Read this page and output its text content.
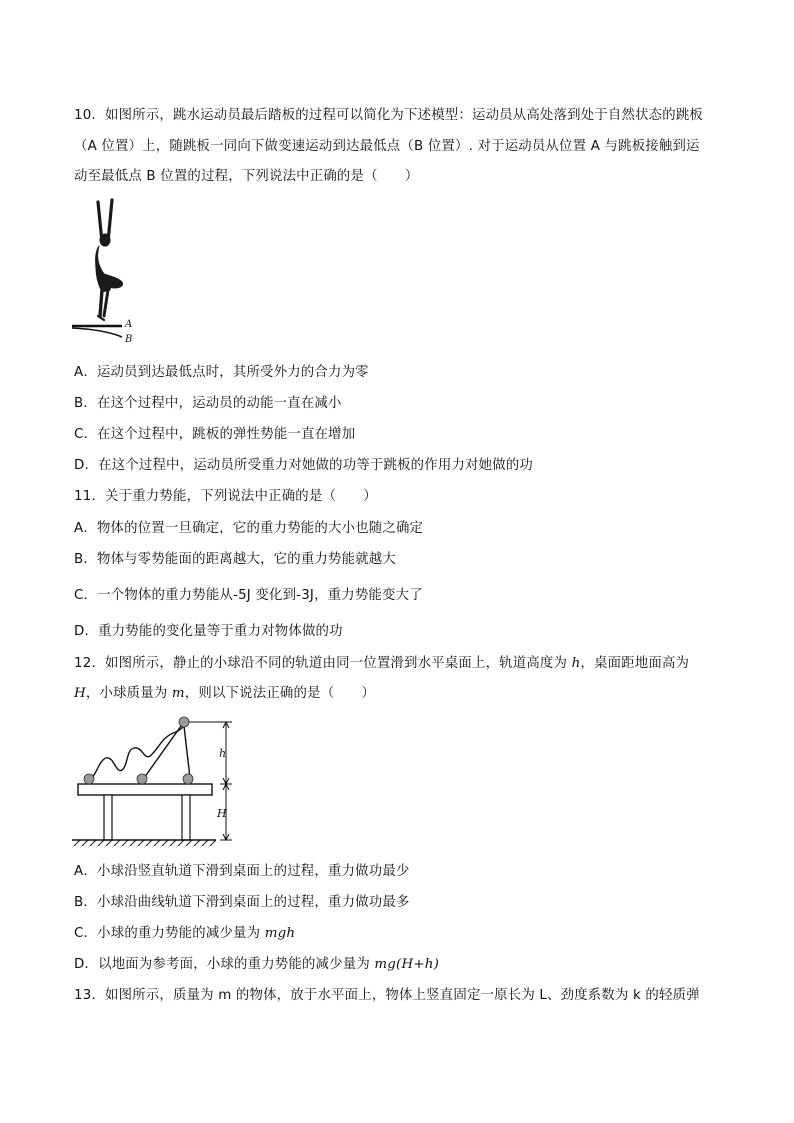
10．如图所示，跳水运动员最后踏板的过程可以简化为下述模型：运动员从高处落到处于自然状态的跳板
（A 位置）上，随跳板一同向下做变速运动到达最低点（B 位置）. 对于运动员从位置 A 与跳板接触到运
动至最低点 B 位置的过程，下列说法中正确的是（　　）
A
B
A．运动员到达最低点时，其所受外力的合力为零
B．在这个过程中，运动员的动能一直在减小
C．在这个过程中，跳板的弹性势能一直在增加
D．在这个过程中，运动员所受重力对她做的功等于跳板的作用力对她做的功
11．关于重力势能，下列说法中正确的是（　　）
A．物体的位置一旦确定，它的重力势能的大小也随之确定
B．物体与零势能面的距离越大，它的重力势能就越大
C．一个物体的重力势能从-5J 变化到-3J，重力势能变大了
D．重力势能的变化量等于重力对物体做的功
12．如图所示，静止的小球沿不同的轨道由同一位置滑到水平桌面上，轨道高度为 h，桌面距地面高为
H，小球质量为 m，则以下说法正确的是（　　）
h
H
A．小球沿竖直轨道下滑到桌面上的过程，重力做功最少
B．小球沿曲线轨道下滑到桌面上的过程，重力做功最多
C．小球的重力势能的减少量为 mgh
D．以地面为参考面，小球的重力势能的减少量为 mg(H+h)
13．如图所示，质量为 m 的物体，放于水平面上，物体上竖直固定一原长为 L、劲度系数为 k 的轻质弹
